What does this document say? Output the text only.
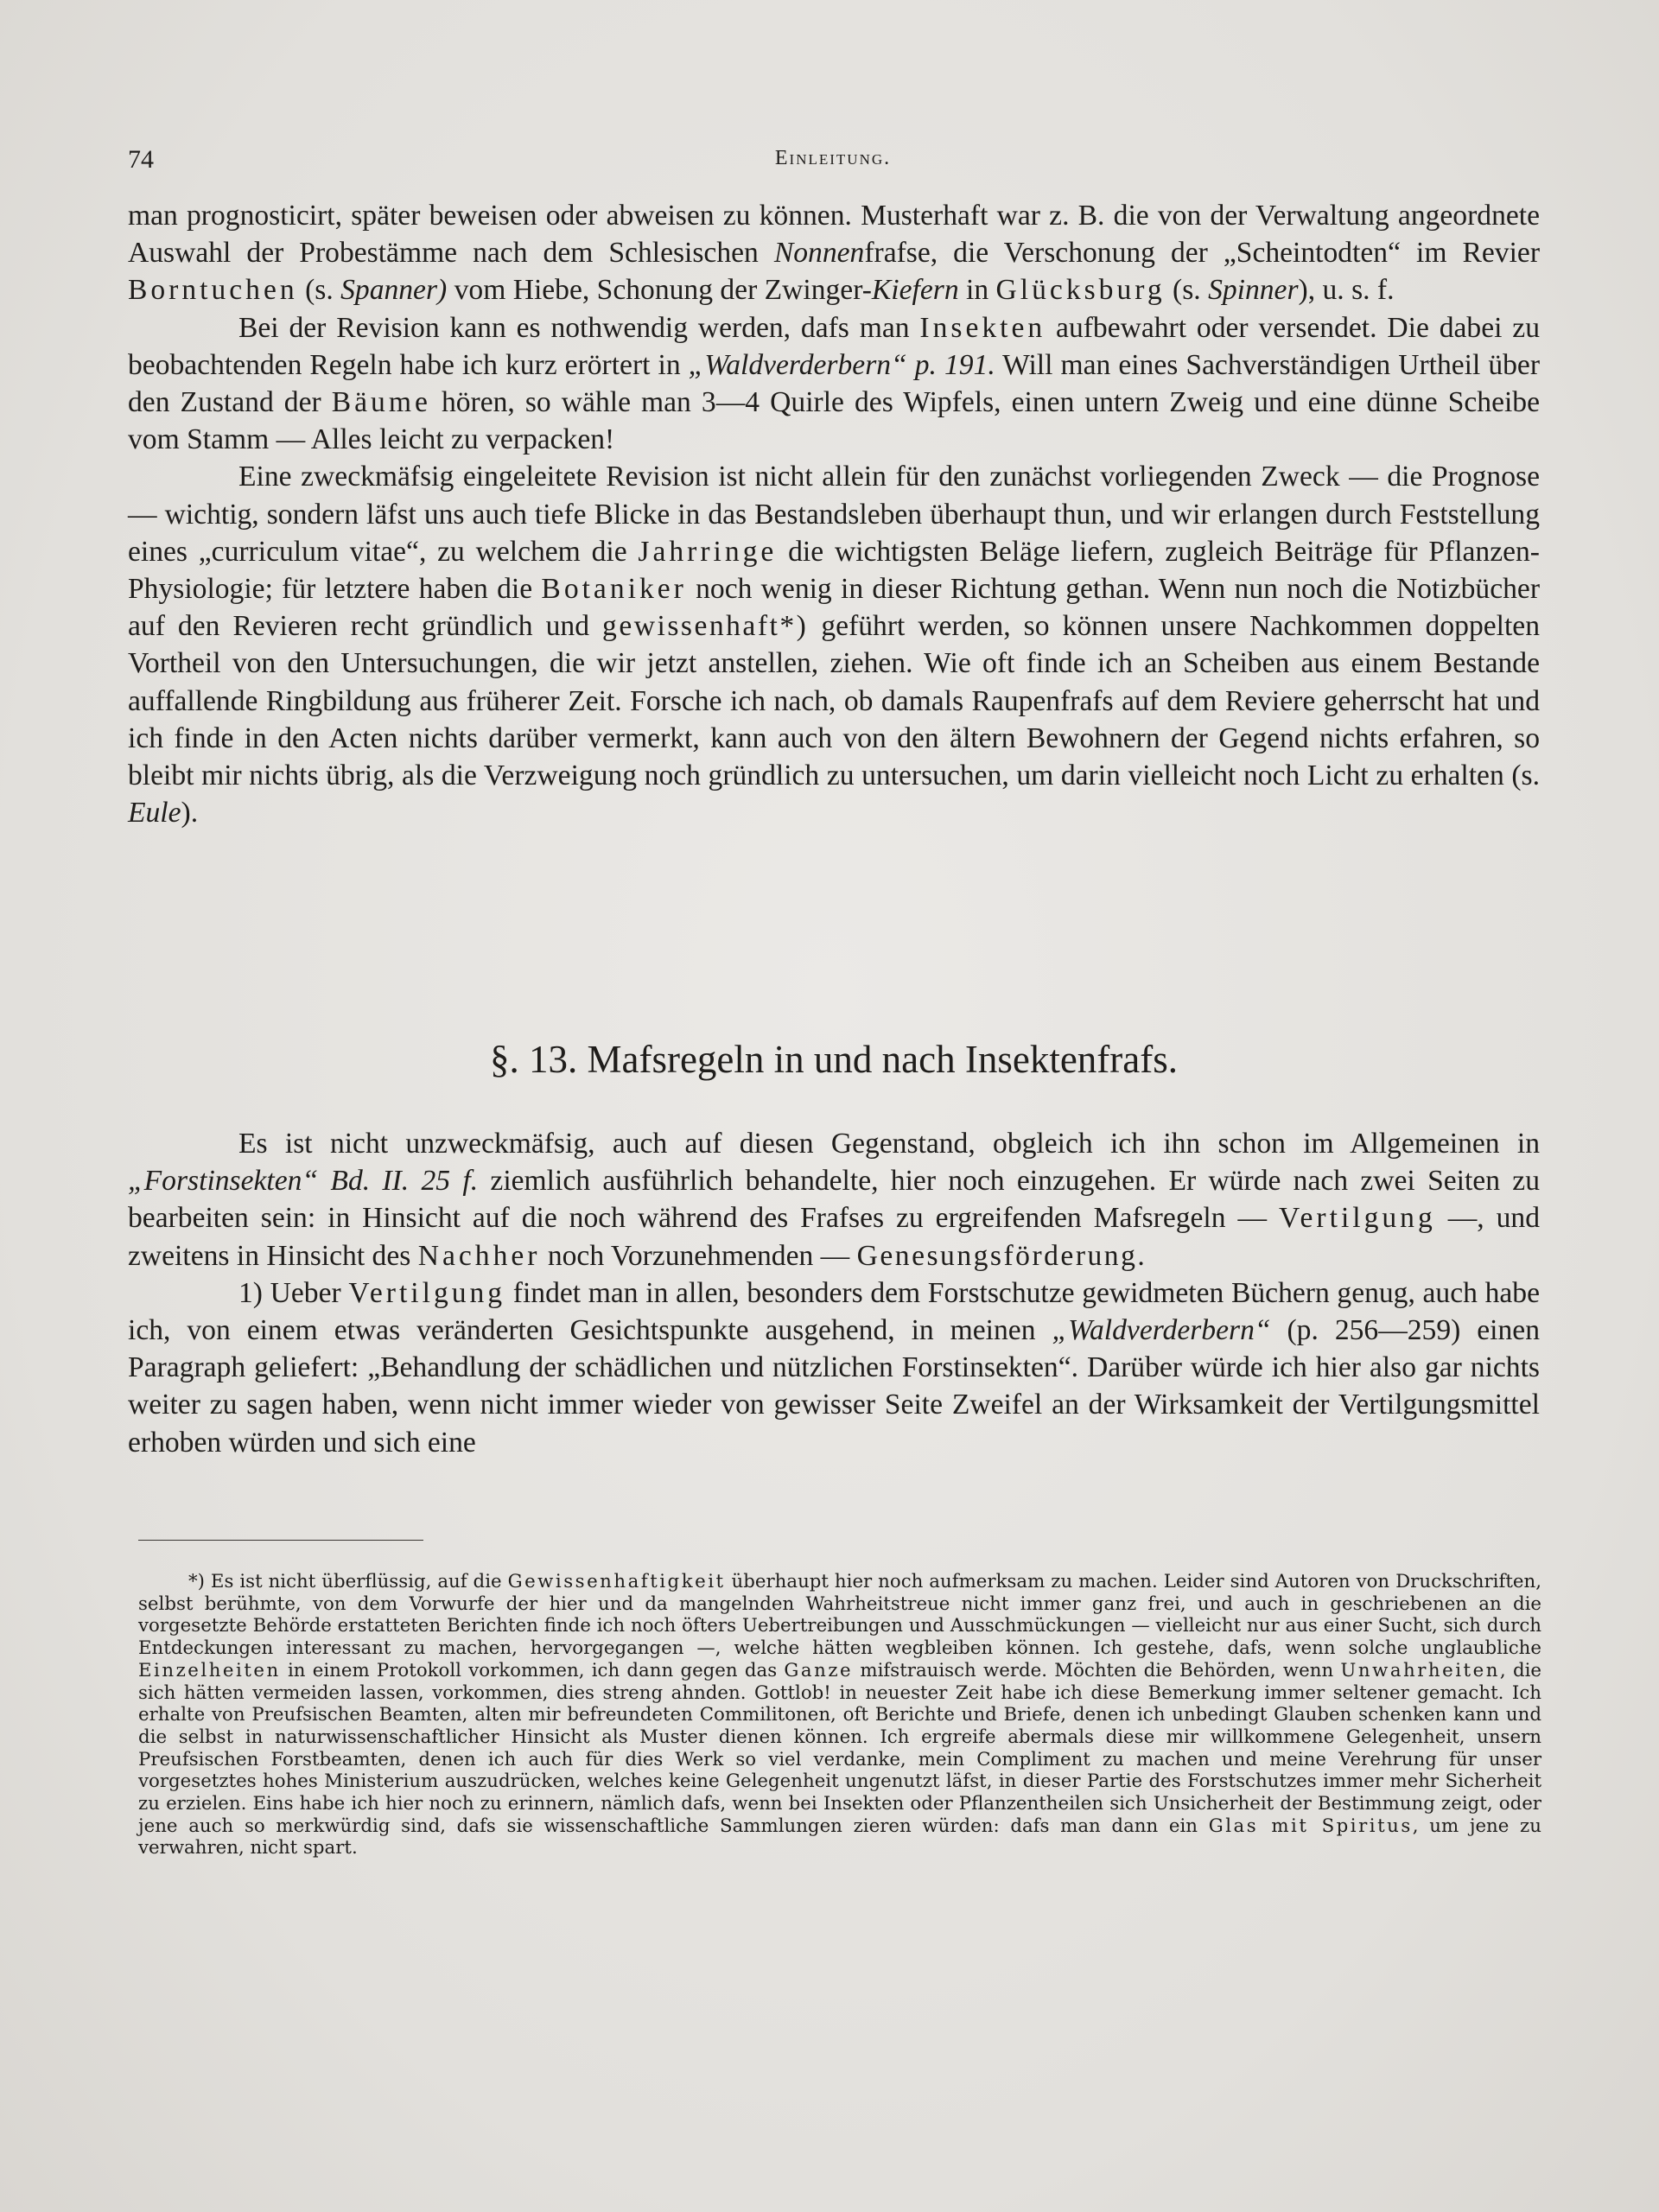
74	Einleitung.

man prognosticirt, später beweisen oder abweisen zu können. Musterhaft war z. B. die von der Verwaltung angeordnete Auswahl der Probestämme nach dem Schlesischen Nonnenfrafse, die Verschonung der „Scheintodten“ im Revier Borntuchen (s. Spanner) vom Hiebe, Schonung der Zwinger-Kiefern in Glücksburg (s. Spinner), u. s. f.

Bei der Revision kann es nothwendig werden, dafs man Insekten aufbewahrt oder versendet. Die dabei zu beobachtenden Regeln habe ich kurz erörtert in „Waldverderbern“ p. 191. Will man eines Sachverständigen Urtheil über den Zustand der Bäume hören, so wähle man 3—4 Quirle des Wipfels, einen untern Zweig und eine dünne Scheibe vom Stamm — Alles leicht zu verpacken!

Eine zweckmäfsig eingeleitete Revision ist nicht allein für den zunächst vorliegenden Zweck — die Prognose — wichtig, sondern läfst uns auch tiefe Blicke in das Bestandsleben überhaupt thun, und wir erlangen durch Feststellung eines „curriculum vitae“, zu welchem die Jahrringe die wichtigsten Beläge liefern, zugleich Beiträge für Pflanzen-Physiologie; für letztere haben die Botaniker noch wenig in dieser Richtung gethan. Wenn nun noch die Notizbücher auf den Revieren recht gründlich und gewissenhaft*) geführt werden, so können unsere Nachkommen doppelten Vortheil von den Untersuchungen, die wir jetzt anstellen, ziehen. Wie oft finde ich an Scheiben aus einem Bestande auffallende Ringbildung aus früherer Zeit. Forsche ich nach, ob damals Raupenfrafs auf dem Reviere geherrscht hat und ich finde in den Acten nichts darüber vermerkt, kann auch von den ältern Bewohnern der Gegend nichts erfahren, so bleibt mir nichts übrig, als die Verzweigung noch gründlich zu untersuchen, um darin vielleicht noch Licht zu erhalten (s. Eule).

§. 13. Mafsregeln in und nach Insektenfrafs.

Es ist nicht unzweckmäfsig, auch auf diesen Gegenstand, obgleich ich ihn schon im Allgemeinen in „Forstinsekten“ Bd. II. 25 f. ziemlich ausführlich behandelte, hier noch einzugehen. Er würde nach zwei Seiten zu bearbeiten sein: in Hinsicht auf die noch während des Frafses zu ergreifenden Mafsregeln — Vertilgung —, und zweitens in Hinsicht des Nachher noch Vorzunehmenden — Genesungsförderung.

1) Ueber Vertilgung findet man in allen, besonders dem Forstschutze gewidmeten Büchern genug, auch habe ich, von einem etwas veränderten Gesichtspunkte ausgehend, in meinen „Waldverderbern“ (p. 256—259) einen Paragraph geliefert: „Behandlung der schädlichen und nützlichen Forstinsekten“. Darüber würde ich hier also gar nichts weiter zu sagen haben, wenn nicht immer wieder von gewisser Seite Zweifel an der Wirksamkeit der Vertilgungsmittel erhoben würden und sich eine

*) Es ist nicht überflüssig, auf die Gewissenhaftigkeit überhaupt hier noch aufmerksam zu machen. Leider sind Autoren von Druckschriften, selbst berühmte, von dem Vorwurfe der hier und da mangelnden Wahrheitstreue nicht immer ganz frei, und auch in geschriebenen an die vorgesetzte Behörde erstatteten Berichten finde ich noch öfters Uebertreibungen und Ausschmückungen — vielleicht nur aus einer Sucht, sich durch Entdeckungen interessant zu machen, hervorgegangen —, welche hätten wegbleiben können. Ich gestehe, dafs, wenn solche unglaubliche Einzelheiten in einem Protokoll vorkommen, ich dann gegen das Ganze mifstrauisch werde. Möchten die Behörden, wenn Unwahrheiten, die sich hätten vermeiden lassen, vorkommen, dies streng ahnden. Gottlob! in neuester Zeit habe ich diese Bemerkung immer seltener gemacht. Ich erhalte von Preufsischen Beamten, alten mir befreundeten Commilitonen, oft Berichte und Briefe, denen ich unbedingt Glauben schenken kann und die selbst in naturwissenschaftlicher Hinsicht als Muster dienen können. Ich ergreife abermals diese mir willkommene Gelegenheit, unsern Preufsischen Forstbeamten, denen ich auch für dies Werk so viel verdanke, mein Compliment zu machen und meine Verehrung für unser vorgesetztes hohes Ministerium auszudrücken, welches keine Gelegenheit ungenutzt läfst, in dieser Partie des Forstschutzes immer mehr Sicherheit zu erzielen. Eins habe ich hier noch zu erinnern, nämlich dafs, wenn bei Insekten oder Pflanzentheilen sich Unsicherheit der Bestimmung zeigt, oder jene auch so merkwürdig sind, dafs sie wissenschaftliche Sammlungen zieren würden: dafs man dann ein Glas mit Spiritus, um jene zu verwahren, nicht spart.
